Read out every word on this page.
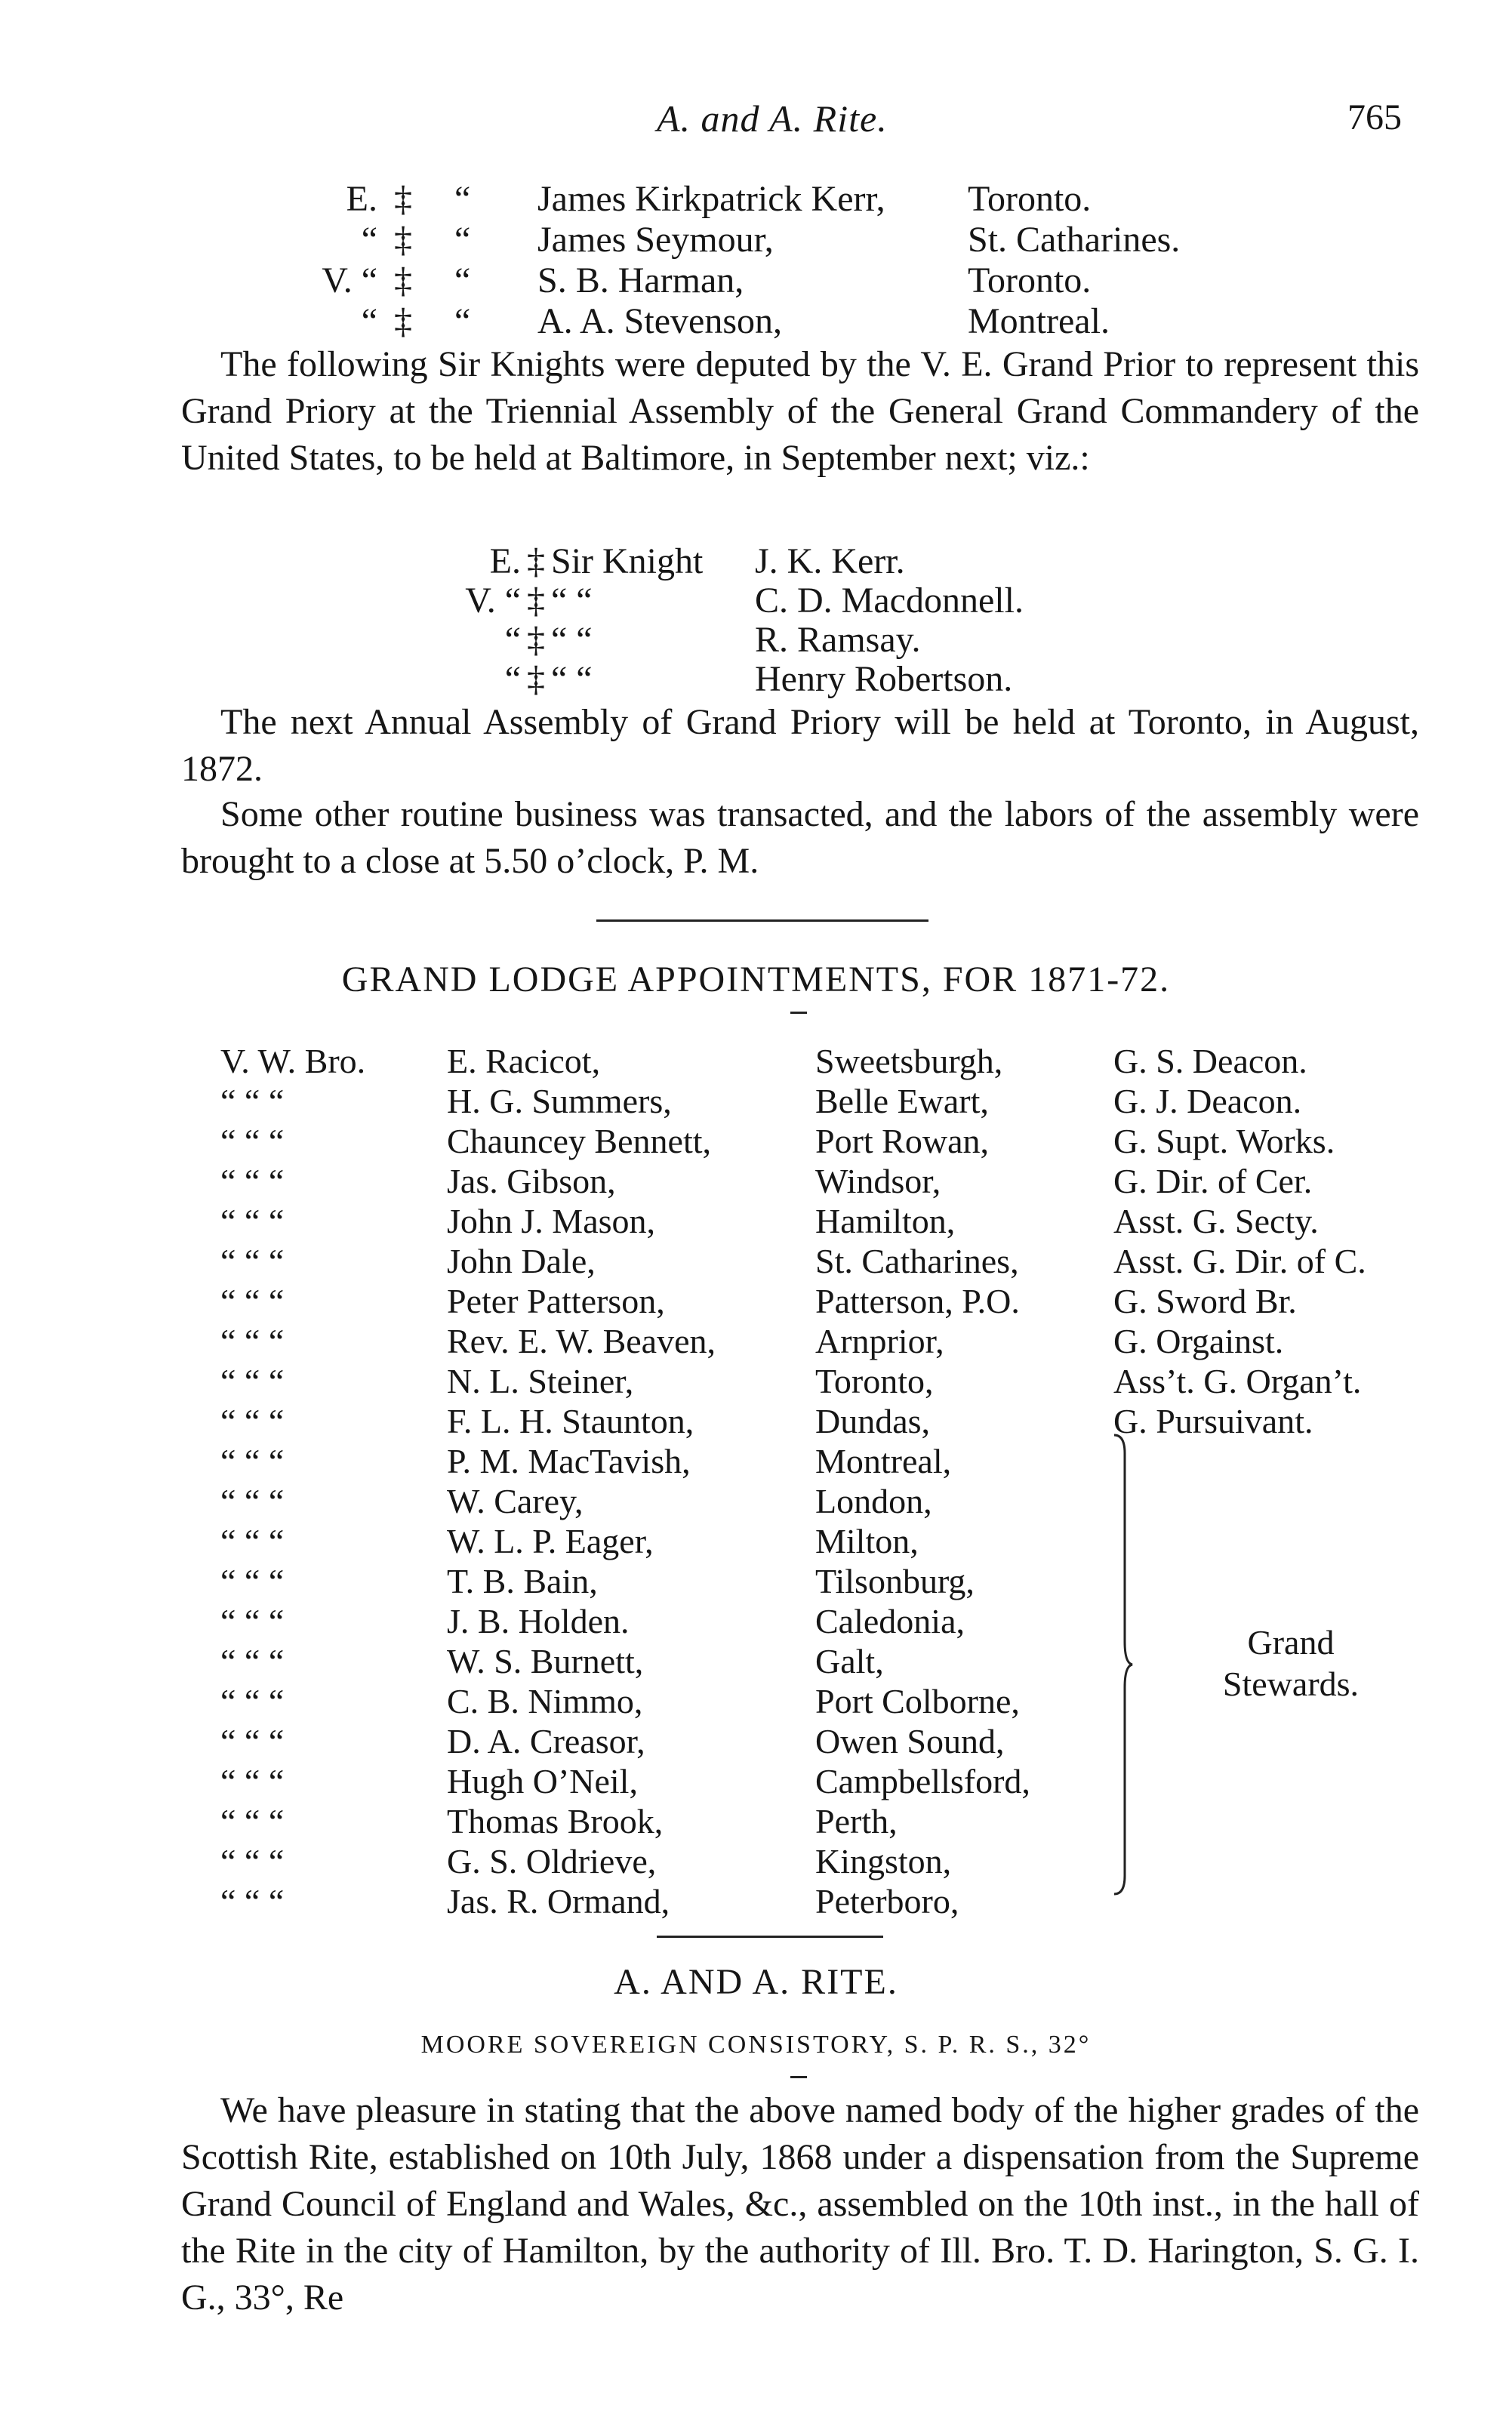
A. and A. Rite.	765
E. ‡ “ James Kirkpatrick Kerr, Toronto.
“ ‡ “ James Seymour,	St. Catharines.
V. “ ‡ “ S. B. Harman,	Toronto.
“ ‡ “ A. A. Stevenson,	Montreal.

The following Sir Knights were deputed by the V. E. Grand Prior to represent this Grand Priory at the Triennial Assembly of the General Grand Commandery of the United States, to be held at Baltimore, in September next; viz.:

E. ‡ Sir Knight J. K. Kerr.
V. “ ‡ “ “	C. D. Macdonnell.
“ ‡ “ “	R. Ramsay.
“ ‡ “ “	Henry Robertson.

The next Annual Assembly of Grand Priory will be held at Toronto, in August, 1872.

Some other routine business was transacted, and the labors of the assembly were brought to a close at 5.50 o’clock, P. M.

GRAND LODGE APPOINTMENTS, FOR 1871-72.
V. W. Bro.	E. Racicot,	Sweetsburgh,	G. S. Deacon.
“ “ “	H. G. Summers,	Belle Ewart,	G. J. Deacon.
“ “ “	Chauncey Bennett,	Port Rowan,	G. Supt. Works.
“ “ “	Jas. Gibson,	Windsor,	G. Dir. of Cer.
“ “ “	John J. Mason,	Hamilton,	Asst. G. Secty.
“ “ “	John Dale,	St. Catharines,	Asst. G. Dir. of C.
“ “ “	Peter Patterson,	Patterson, P.O.	G. Sword Br.
“ “ “	Rev. E. W. Beaven,	Arnprior,	G. Orgainst.
“ “ “	N. L. Steiner,	Toronto,	Ass’t. G. Organ’t.
“ “ “	F. L. H. Staunton,	Dundas,	G. Pursuivant.
“ “ “	P. M. MacTavish,	Montreal,
“ “ “	W. Carey,	London,
“ “ “	W. L. P. Eager,	Milton,
“ “ “	T. B. Bain,	Tilsonburg,
“ “ “	J. B. Holden.	Caledonia,
“ “ “	W. S. Burnett,	Galt,
“ “ “	C. B. Nimmo,	Port Colborne,
“ “ “	D. A. Creasor,	Owen Sound,
“ “ “	Hugh O’Neil,	Campbellsford,
“ “ “	Thomas Brook,	Perth,
“ “ “	G. S. Oldrieve,	Kingston,
“ “ “	Jas. R. Ormand,	Peterboro,
Grand
Stewards.
A. AND A. RITE.
MOORE SOVEREIGN CONSISTORY, S. P. R. S., 32°

We have pleasure in stating that the above named body of the higher grades of the Scottish Rite, established on 10th July, 1868 under a dispensation from the Supreme Grand Council of England and Wales, &c., assembled on the 10th inst., in the hall of the Rite in the city of Hamilton, by the authority of Ill. Bro. T. D. Harington, S. G. I. G., 33°, Re
